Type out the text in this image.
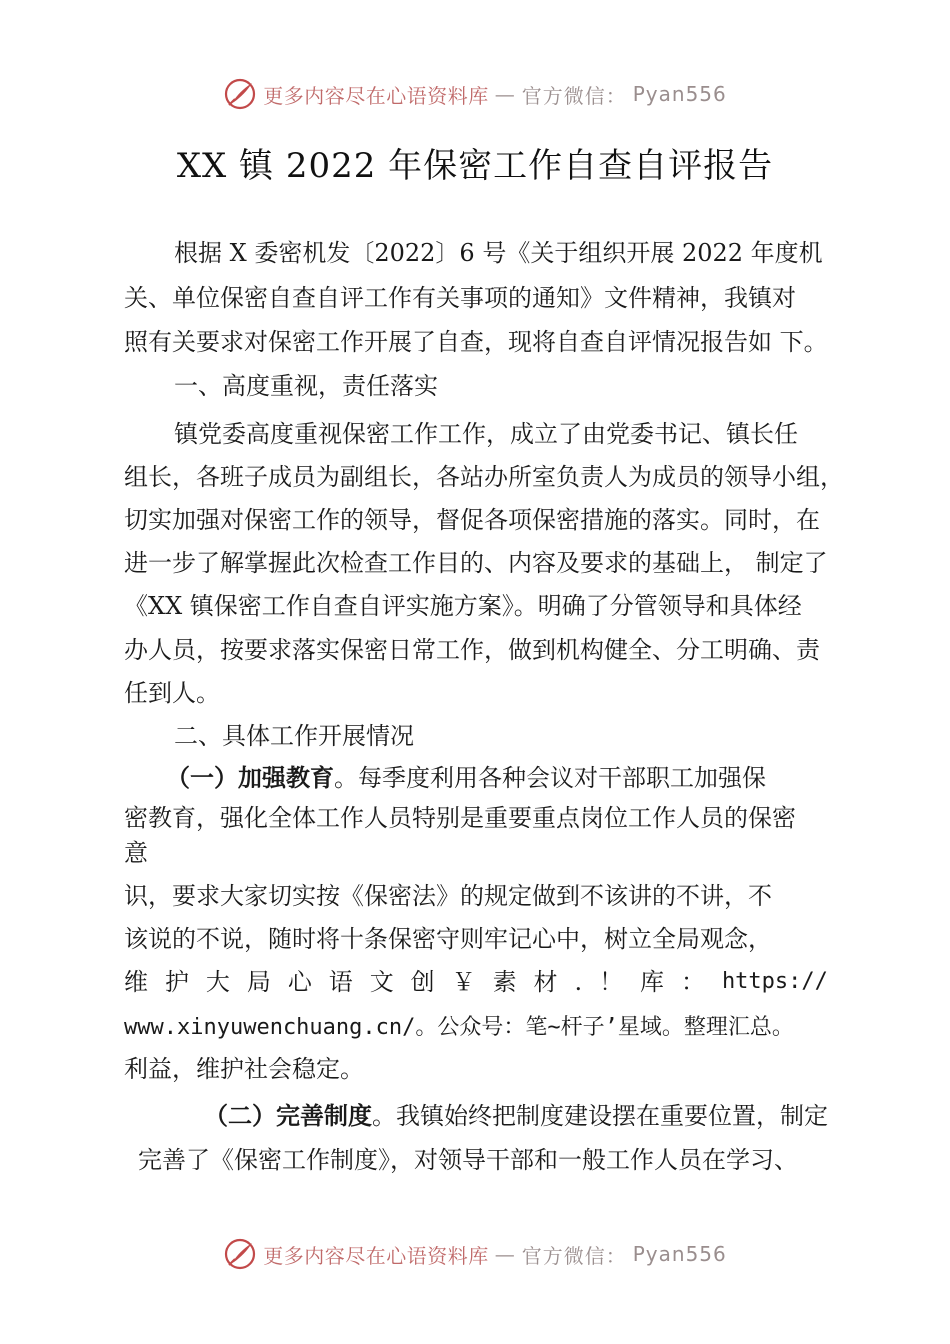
更多内容尽在心语资料库 — 官方微信： Pyan556
XX 镇 2022 年保密工作自查自评报告
根据 X 委密机发〔2022〕6 号《关于组织开展 2022 年度机
关、单位保密自查自评工作有关事项的通知》文件精神，我镇对
照有关要求对保密工作开展了自查，现将自查自评情况报告如 下。
一、高度重视，责任落实
镇党委高度重视保密工作工作，成立了由党委书记、镇长任
组长，各班子成员为副组长，各站办所室负责人为成员的领导小组，
切实加强对保密工作的领导，督促各项保密措施的落实。同时，在
进一步了解掌握此次检查工作目的、内容及要求的基础上， 制定了
《XX 镇保密工作自查自评实施方案》。明确了分管领导和具体经
办人员，按要求落实保密日常工作，做到机构健全、分工明确、责
任到人。
二、具体工作开展情况
（一）加强教育。每季度利用各种会议对干部职工加强保
密教育，强化全体工作人员特别是重要重点岗位工作人员的保密
意
识，要求大家切实按《保密法》的规定做到不该讲的不讲，不
该说的不说，随时将十条保密守则牢记心中，树立全局观念，
维 护 大 局 心 语 文 创 ￥ 素 材 . ！ 库 ： https://
www.xinyuwenchuang.cn/。公众号：笔~杆子’星域。整理汇总。
利益，维护社会稳定。
（二）完善制度。我镇始终把制度建设摆在重要位置，制定
完善了《保密工作制度》，对领导干部和一般工作人员在学习、
更多内容尽在心语资料库 — 官方微信： Pyan556
